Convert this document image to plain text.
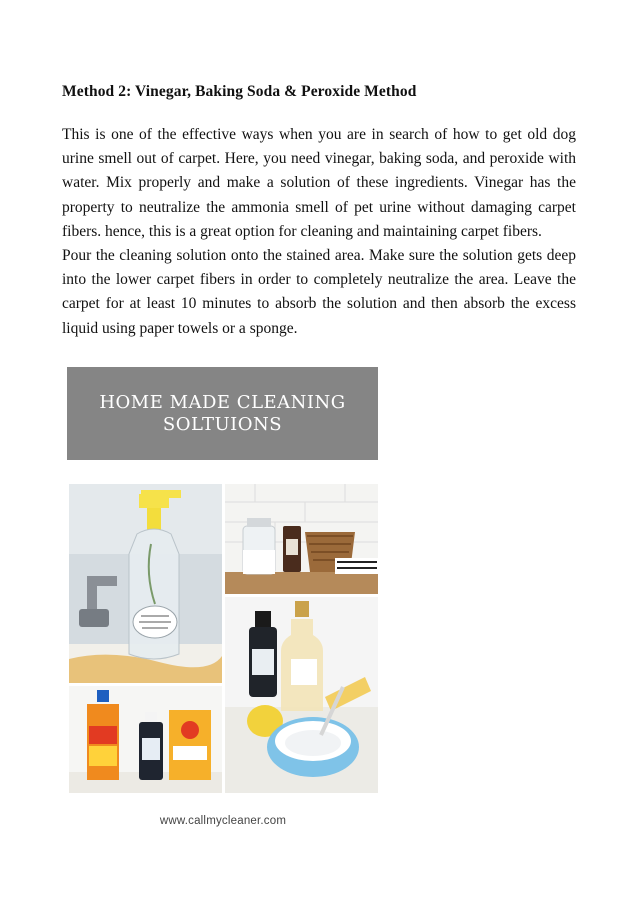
Method 2: Vinegar, Baking Soda & Peroxide Method

This is one of the effective ways when you are in search of how to get old dog urine smell out of carpet. Here, you need vinegar, baking soda, and peroxide with water. Mix properly and make a solution of these ingredients. Vinegar has the property to neutralize the ammonia smell of pet urine without damaging carpet fibers. hence, this is a great option for cleaning and maintaining carpet fibers.

Pour the cleaning solution onto the stained area. Make sure the solution gets deep into the lower carpet fibers in order to completely neutralize the area. Leave the carpet for at least 10 minutes to absorb the solution and then absorb the excess liquid using paper towels or a sponge.

HOME MADE CLEANING
SOLTUIONS
www.callmycleaner.com
